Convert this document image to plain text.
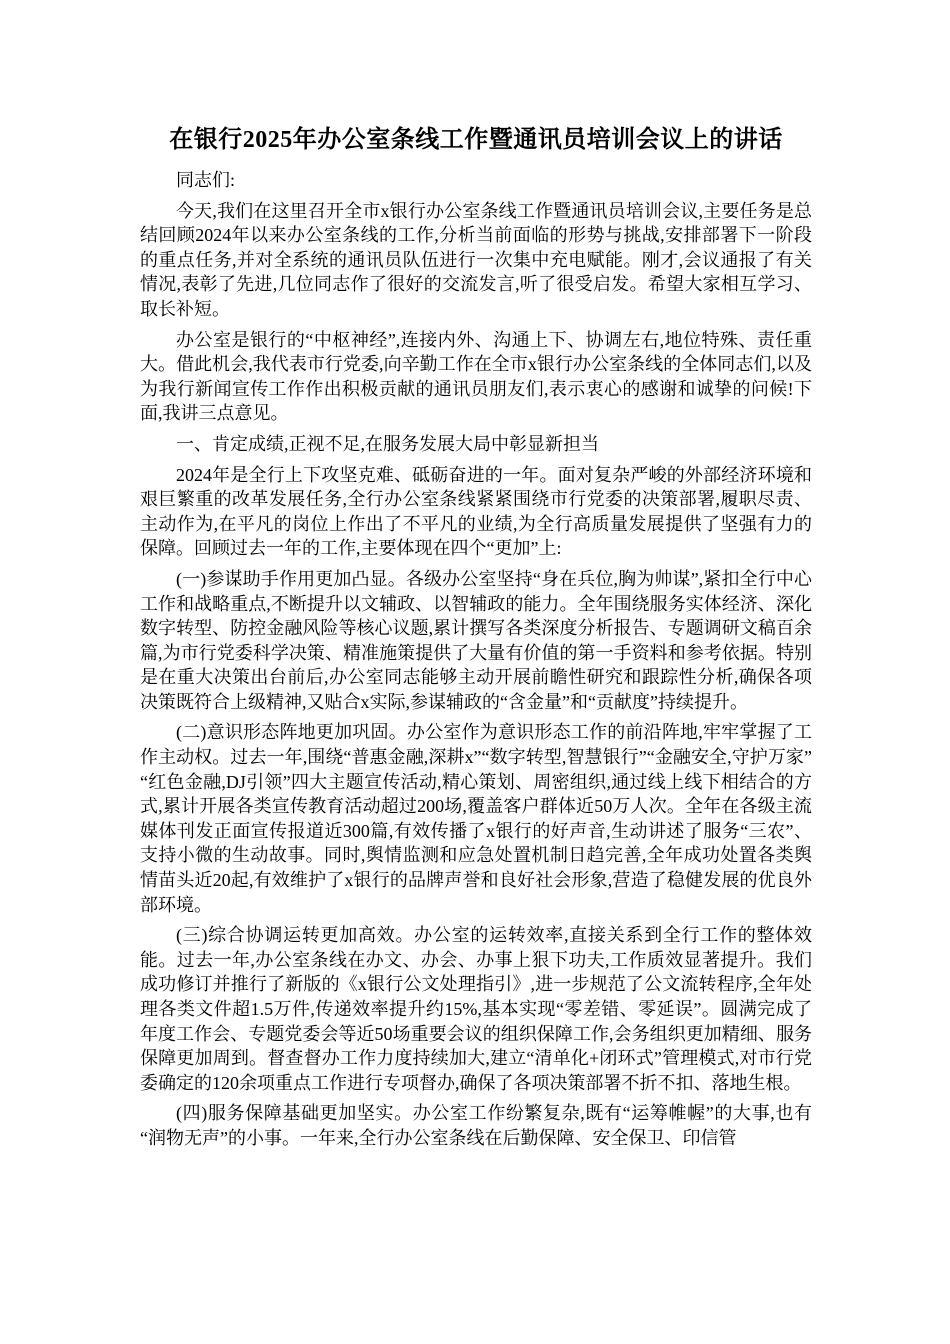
在银行2025年办公室条线工作暨通讯员培训会议上的讲话

同志们:

今天,我们在这里召开全市x银行办公室条线工作暨通讯员培训会议,主要任务是总结回顾2024年以来办公室条线的工作,分析当前面临的形势与挑战,安排部署下一阶段的重点任务,并对全系统的通讯员队伍进行一次集中充电赋能。刚才,会议通报了有关情况,表彰了先进,几位同志作了很好的交流发言,听了很受启发。希望大家相互学习、取长补短。

办公室是银行的“中枢神经”,连接内外、沟通上下、协调左右,地位特殊、责任重大。借此机会,我代表市行党委,向辛勤工作在全市x银行办公室条线的全体同志们,以及为我行新闻宣传工作作出积极贡献的通讯员朋友们,表示衷心的感谢和诚挚的问候!下面,我讲三点意见。

一、肯定成绩,正视不足,在服务发展大局中彰显新担当

2024年是全行上下攻坚克难、砥砺奋进的一年。面对复杂严峻的外部经济环境和艰巨繁重的改革发展任务,全行办公室条线紧紧围绕市行党委的决策部署,履职尽责、主动作为,在平凡的岗位上作出了不平凡的业绩,为全行高质量发展提供了坚强有力的保障。回顾过去一年的工作,主要体现在四个“更加”上:

(一)参谋助手作用更加凸显。各级办公室坚持“身在兵位,胸为帅谋”,紧扣全行中心工作和战略重点,不断提升以文辅政、以智辅政的能力。全年围绕服务实体经济、深化数字转型、防控金融风险等核心议题,累计撰写各类深度分析报告、专题调研文稿百余篇,为市行党委科学决策、精准施策提供了大量有价值的第一手资料和参考依据。特别是在重大决策出台前后,办公室同志能够主动开展前瞻性研究和跟踪性分析,确保各项决策既符合上级精神,又贴合x实际,参谋辅政的“含金量”和“贡献度”持续提升。

(二)意识形态阵地更加巩固。办公室作为意识形态工作的前沿阵地,牢牢掌握了工作主动权。过去一年,围绕“普惠金融,深耕x”“数字转型,智慧银行”“金融安全,守护万家”“红色金融,DJ引领”四大主题宣传活动,精心策划、周密组织,通过线上线下相结合的方式,累计开展各类宣传教育活动超过200场,覆盖客户群体近50万人次。全年在各级主流媒体刊发正面宣传报道近300篇,有效传播了x银行的好声音,生动讲述了服务“三农”、支持小微的生动故事。同时,舆情监测和应急处置机制日趋完善,全年成功处置各类舆情苗头近20起,有效维护了x银行的品牌声誉和良好社会形象,营造了稳健发展的优良外部环境。

(三)综合协调运转更加高效。办公室的运转效率,直接关系到全行工作的整体效能。过去一年,办公室条线在办文、办会、办事上狠下功夫,工作质效显著提升。我们成功修订并推行了新版的《x银行公文处理指引》,进一步规范了公文流转程序,全年处理各类文件超1.5万件,传递效率提升约15%,基本实现“零差错、零延误”。圆满完成了年度工作会、专题党委会等近50场重要会议的组织保障工作,会务组织更加精细、服务保障更加周到。督查督办工作力度持续加大,建立“清单化+闭环式”管理模式,对市行党委确定的120余项重点工作进行专项督办,确保了各项决策部署不折不扣、落地生根。

(四)服务保障基础更加坚实。办公室工作纷繁复杂,既有“运筹帷幄”的大事,也有“润物无声”的小事。一年来,全行办公室条线在后勤保障、安全保卫、印信管
